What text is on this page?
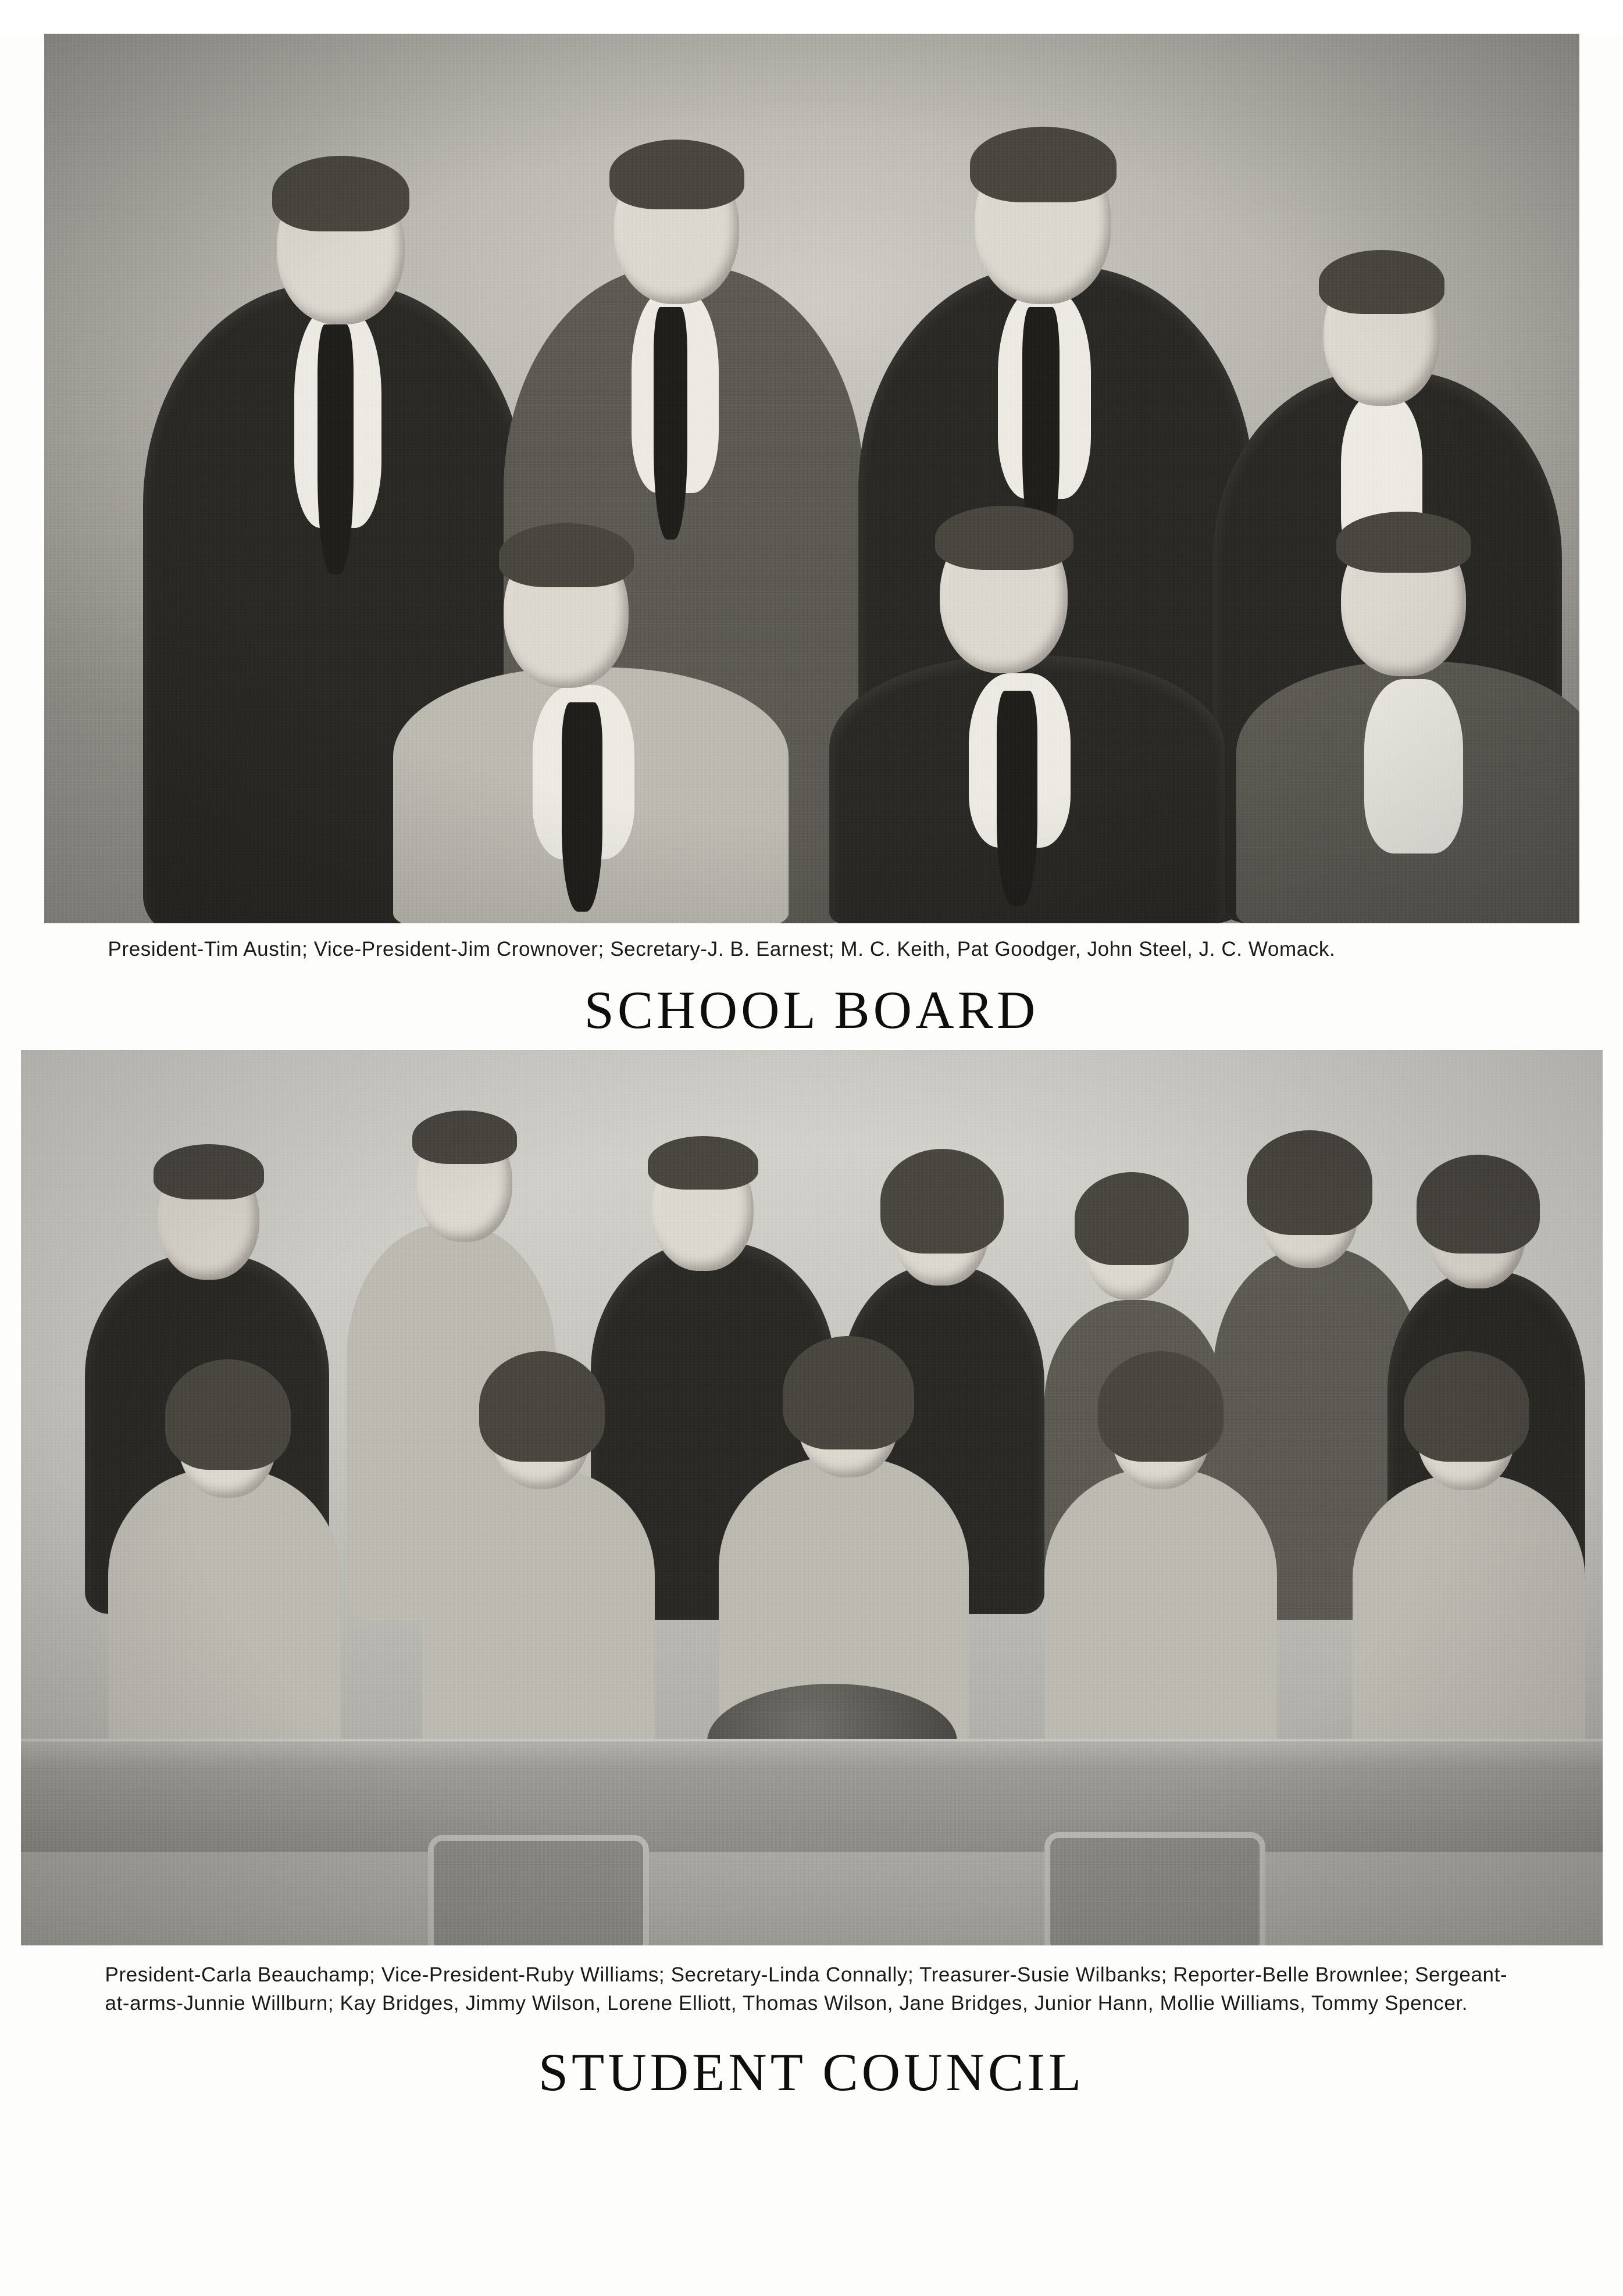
President-Tim Austin; Vice-President-Jim Crownover; Secretary-J. B. Earnest; M. C. Keith, Pat Goodger, John Steel, J. C. Womack.
SCHOOL BOARD
President-Carla Beauchamp; Vice-President-Ruby Williams; Secretary-Linda Connally; Treasurer-Susie Wilbanks; Reporter-Belle Brownlee; Sergeant-at-arms-Junnie Willburn; Kay Bridges, Jimmy Wilson, Lorene Elliott, Thomas Wilson, Jane Bridges, Junior Hann, Mollie Williams, Tommy Spencer.
STUDENT COUNCIL
